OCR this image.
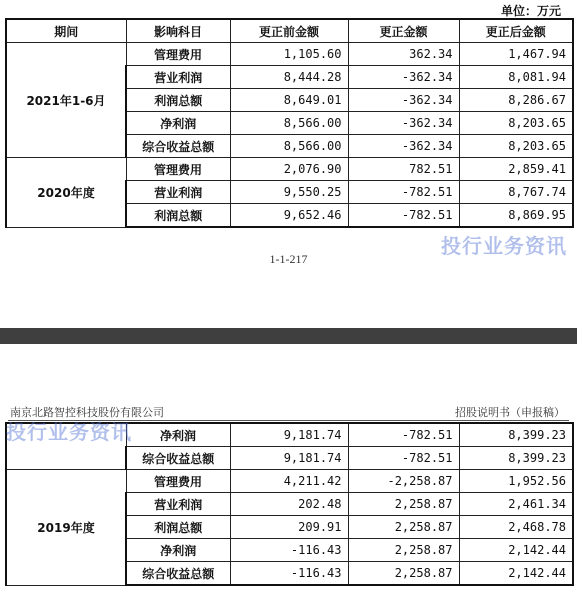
单位：万元
期间	影响科目	更正前金额	更正金额	更正后金额
2021年1-6月	管理费用	1,105.60	362.34	1,467.94
	营业利润	8,444.28	-362.34	8,081.94
	利润总额	8,649.01	-362.34	8,286.67
	净利润	8,566.00	-362.34	8,203.65
	综合收益总额	8,566.00	-362.34	8,203.65
2020年度	管理费用	2,076.90	782.51	2,859.41
	营业利润	9,550.25	-782.51	8,767.74
	利润总额	9,652.46	-782.51	8,869.95
投行业务资讯
1-1-217
南京北路智控科技股份有限公司	招股说明书（申报稿）
	净利润	9,181.74	-782.51	8,399.23
	综合收益总额	9,181.74	-782.51	8,399.23
2019年度	管理费用	4,211.42	-2,258.87	1,952.56
	营业利润	202.48	2,258.87	2,461.34
	利润总额	209.91	2,258.87	2,468.78
	净利润	-116.43	2,258.87	2,142.44
	综合收益总额	-116.43	2,258.87	2,142.44
投行业务资讯
